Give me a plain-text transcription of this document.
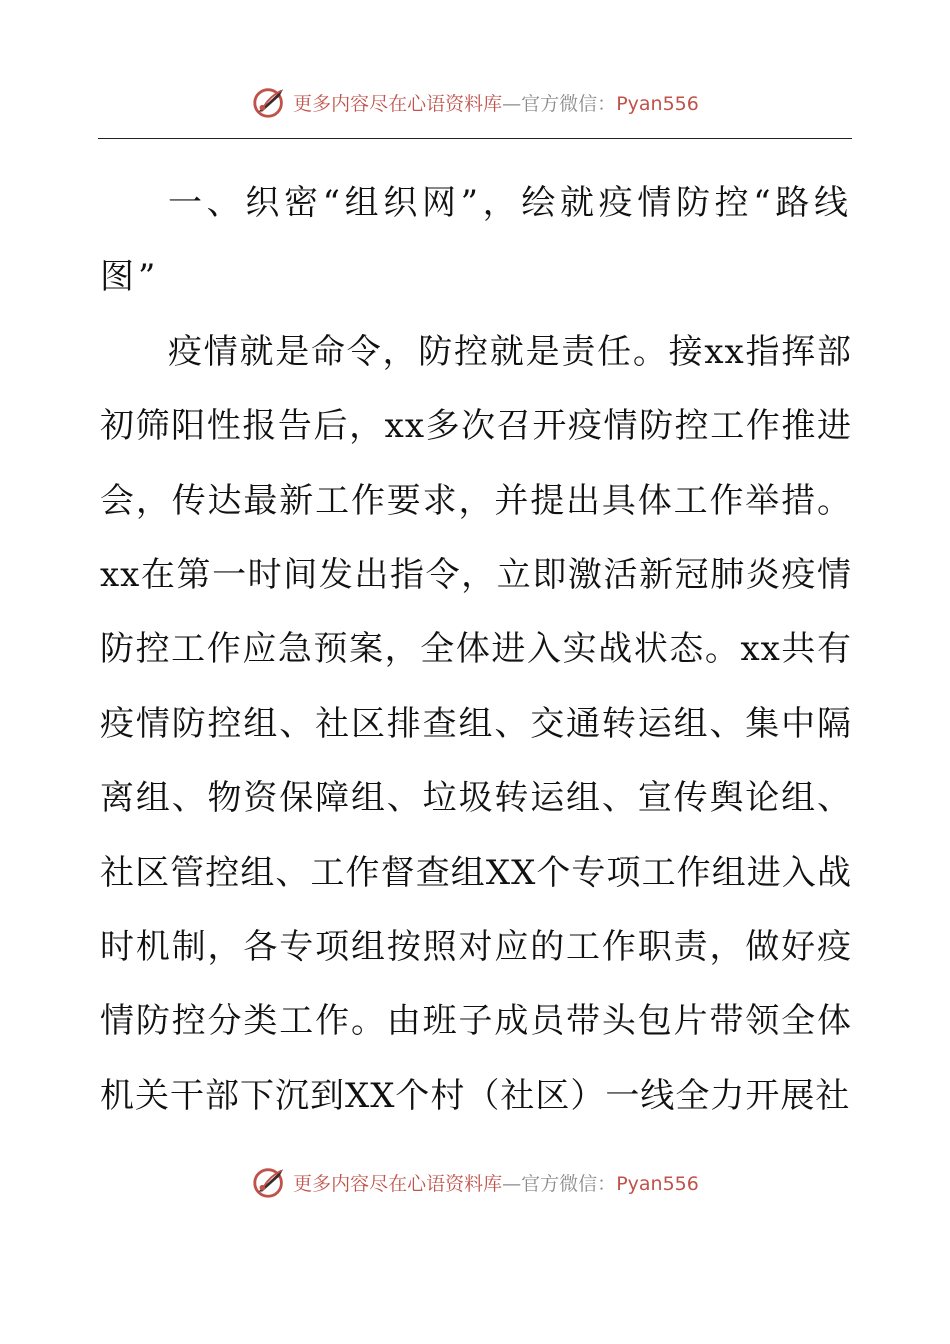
更多内容尽在心语资料库—官方微信：Pyan556

一、织密“组织网”，绘就疫情防控“路线图”

疫情就是命令，防控就是责任。接xx指挥部初筛阳性报告后，xx多次召开疫情防控工作推进会，传达最新工作要求，并提出具体工作举措。xx在第一时间发出指令，立即激活新冠肺炎疫情防控工作应急预案，全体进入实战状态。xx共有疫情防控组、社区排查组、交通转运组、集中隔离组、物资保障组、垃圾转运组、宣传舆论组、社区管控组、工作督查组XX个专项工作组进入战时机制，各专项组按照对应的工作职责，做好疫情防控分类工作。由班子成员带头包片带领全体机关干部下沉到XX个村（社区）一线全力开展社

更多内容尽在心语资料库—官方微信：Pyan556
